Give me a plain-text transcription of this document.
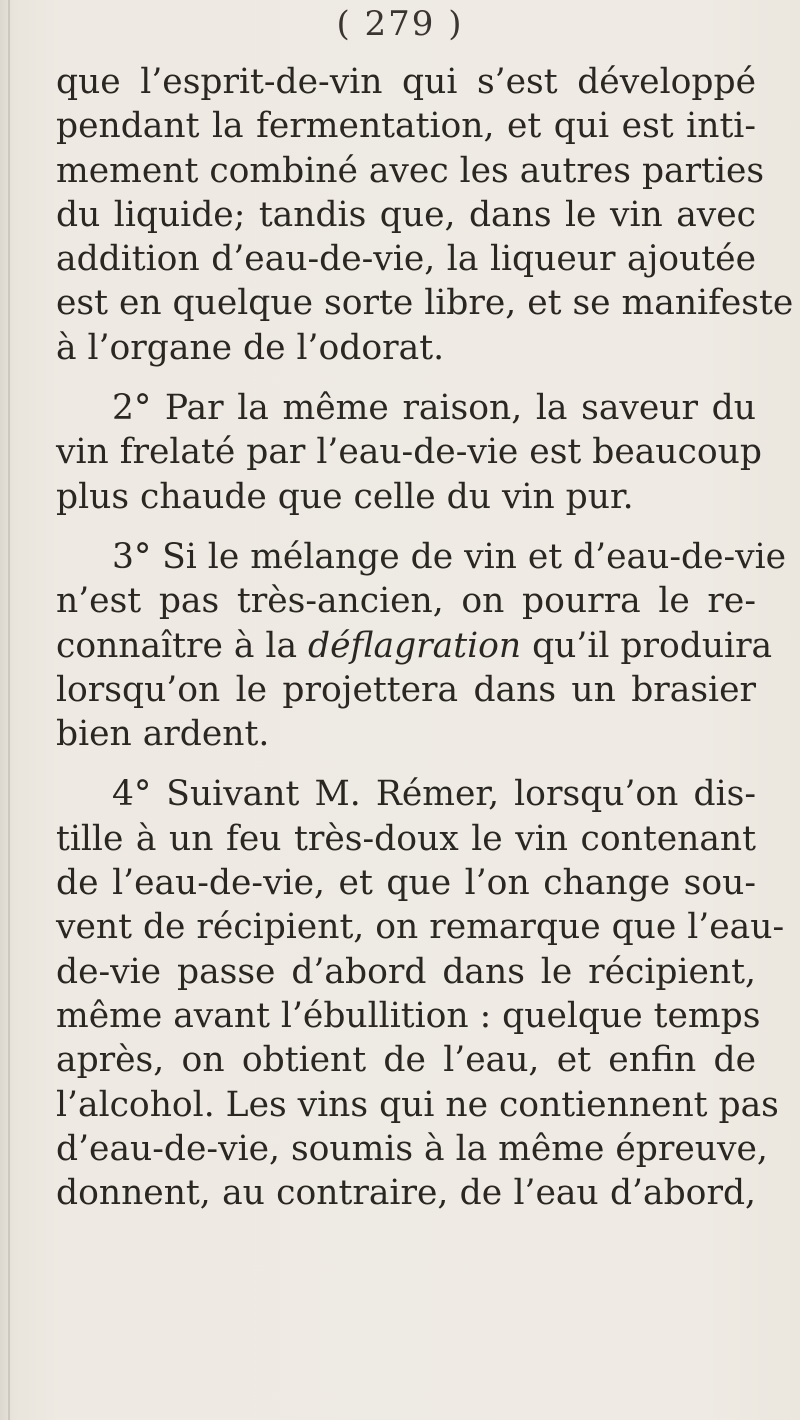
( 279 )
que l’esprit-de-vin qui s’est développé
pendant la fermentation, et qui est inti-
mement combiné avec les autres parties
du liquide; tandis que, dans le vin avec
addition d’eau-de-vie, la liqueur ajoutée
est en quelque sorte libre, et se manifeste
à l’organe de l’odorat.
2° Par la même raison, la saveur du
vin frelaté par l’eau-de-vie est beaucoup
plus chaude que celle du vin pur.
3° Si le mélange de vin et d’eau-de-vie
n’est pas très-ancien, on pourra le re-
connaître à la déflagration qu’il produira
lorsqu’on le projettera dans un brasier
bien ardent.
4° Suivant M. Rémer, lorsqu’on dis-
tille à un feu très-doux le vin contenant
de l’eau-de-vie, et que l’on change sou-
vent de récipient, on remarque que l’eau-
de-vie passe d’abord dans le récipient,
même avant l’ébullition : quelque temps
après, on obtient de l’eau, et enfin de
l’alcohol. Les vins qui ne contiennent pas
d’eau-de-vie, soumis à la même épreuve,
donnent, au contraire, de l’eau d’abord,
